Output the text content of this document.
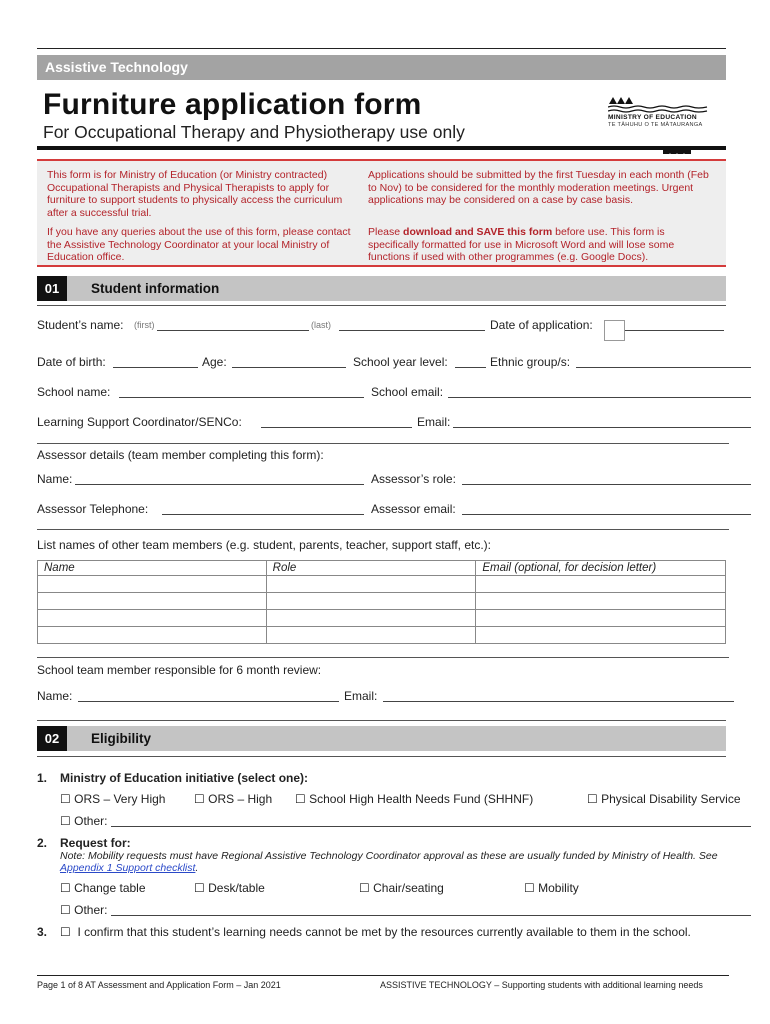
Assistive Technology
Furniture application form
For Occupational Therapy and Physiotherapy use only
MINISTRY OF EDUCATION
TE TĀHUHU O TE MĀTAURANGA

This form is for Ministry of Education (or Ministry contracted) Occupational Therapists and Physical Therapists to apply for furniture to support students to physically access the curriculum after a successful trial.

If you have any queries about the use of this form, please contact the Assistive Technology Coordinator at your local Ministry of Education office.

Applications should be submitted by the first Tuesday in each month (Feb to Nov) to be considered for the monthly moderation meetings. Urgent applications may be considered on a case by case basis.

Please download and SAVE this form before use. This form is specifically formatted for use in Microsoft Word and will lose some functions if used with other programmes (e.g. Google Docs).

01	Student information
Student’s name: (first)	(last)	Date of application:
Date of birth:	Age:	School year level:	Ethnic group/s:
School name:	School email:
Learning Support Coordinator/SENCo:	Email:
Assessor details (team member completing this form):
Name:	Assessor’s role:
Assessor Telephone:	Assessor email:
List names of other team members (e.g. student, parents, teacher, support staff, etc.):
Name	Role	Email (optional, for decision letter)

School team member responsible for 6 month review:
Name:	Email:
02	Eligibility
1. Ministry of Education initiative (select one):
☐ ORS – Very High ☐ ORS – High ☐ School High Health Needs Fund (SHHNF)	☐ Physical Disability Service
☐ Other:
2. Request for:
Note: Mobility requests must have Regional Assistive Technology Coordinator approval as these are usually funded by Ministry of Health. See Appendix 1 Support checklist.
☐ Change table	☐ Desk/table	☐ Chair/seating	☐ Mobility
☐ Other:
3. ☐ I confirm that this student’s learning needs cannot be met by the resources currently available to them in the school.
Page 1 of 8 AT Assessment and Application Form – Jan 2021	ASSISTIVE TECHNOLOGY – Supporting students with additional learning needs
